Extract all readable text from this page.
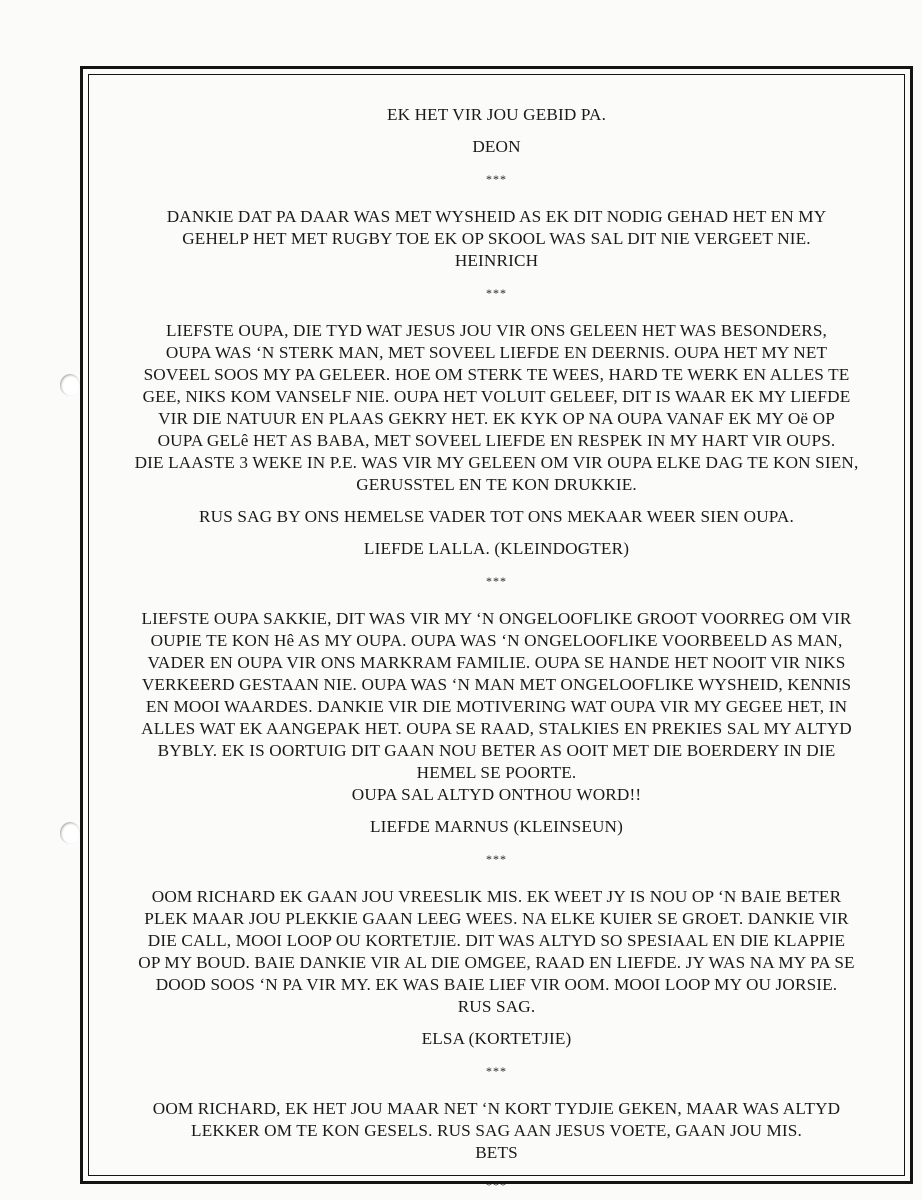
EK HET VIR JOU GEBID PA.

DEON

***

DANKIE DAT PA DAAR WAS MET WYSHEID AS EK DIT NODIG GEHAD HET EN MY
GEHELP HET MET RUGBY TOE EK OP SKOOL WAS SAL DIT NIE VERGEET NIE.

HEINRICH

***

LIEFSTE OUPA, DIE TYD WAT JESUS JOU VIR ONS GELEEN HET WAS BESONDERS,
OUPA WAS ‘N STERK MAN, MET SOVEEL LIEFDE EN DEERNIS. OUPA HET MY NET
SOVEEL SOOS MY PA GELEER. HOE OM STERK TE WEES, HARD TE WERK EN ALLES TE
GEE, NIKS KOM VANSELF NIE. OUPA HET VOLUIT GELEEF, DIT IS WAAR EK MY LIEFDE
VIR DIE NATUUR EN PLAAS GEKRY HET. EK KYK OP NA OUPA VANAF EK MY Oë OP
OUPA GELê HET AS BABA, MET SOVEEL LIEFDE EN RESPEK IN MY HART VIR OUPS.
DIE LAASTE 3 WEKE IN P.E. WAS VIR MY GELEEN OM VIR OUPA ELKE DAG TE KON SIEN,
GERUSSTEL EN TE KON DRUKKIE.

RUS SAG BY ONS HEMELSE VADER TOT ONS MEKAAR WEER SIEN OUPA.

LIEFDE LALLA. (KLEINDOGTER)

***

LIEFSTE OUPA SAKKIE, DIT WAS VIR MY ‘N ONGELOOFLIKE GROOT VOORREG OM VIR
OUPIE TE KON Hê AS MY OUPA. OUPA WAS ‘N ONGELOOFLIKE VOORBEELD AS MAN,
VADER EN OUPA VIR ONS MARKRAM FAMILIE. OUPA SE HANDE HET NOOIT VIR NIKS
VERKEERD GESTAAN NIE. OUPA WAS ‘N MAN MET ONGELOOFLIKE WYSHEID, KENNIS
EN MOOI WAARDES. DANKIE VIR DIE MOTIVERING WAT OUPA VIR MY GEGEE HET, IN
ALLES WAT EK AANGEPAK HET. OUPA SE RAAD, STALKIES EN PREKIES SAL MY ALTYD
BYBLY. EK IS OORTUIG DIT GAAN NOU BETER AS OOIT MET DIE BOERDERY IN DIE
HEMEL SE POORTE.
OUPA SAL ALTYD ONTHOU WORD!!

LIEFDE MARNUS (KLEINSEUN)

***

OOM RICHARD EK GAAN JOU VREESLIK MIS. EK WEET JY IS NOU OP ‘N BAIE BETER
PLEK MAAR JOU PLEKKIE GAAN LEEG WEES. NA ELKE KUIER SE GROET. DANKIE VIR
DIE CALL, MOOI LOOP OU KORTETJIE. DIT WAS ALTYD SO SPESIAAL EN DIE KLAPPIE
OP MY BOUD. BAIE DANKIE VIR AL DIE OMGEE, RAAD EN LIEFDE. JY WAS NA MY PA SE
DOOD SOOS ‘N PA VIR MY. EK WAS BAIE LIEF VIR OOM. MOOI LOOP MY OU JORSIE.
RUS SAG.

ELSA (KORTETJIE)

***

OOM RICHARD, EK HET JOU MAAR NET ‘N KORT TYDJIE GEKEN, MAAR WAS ALTYD
LEKKER OM TE KON GESELS. RUS SAG AAN JESUS VOETE, GAAN JOU MIS.

BETS

***
